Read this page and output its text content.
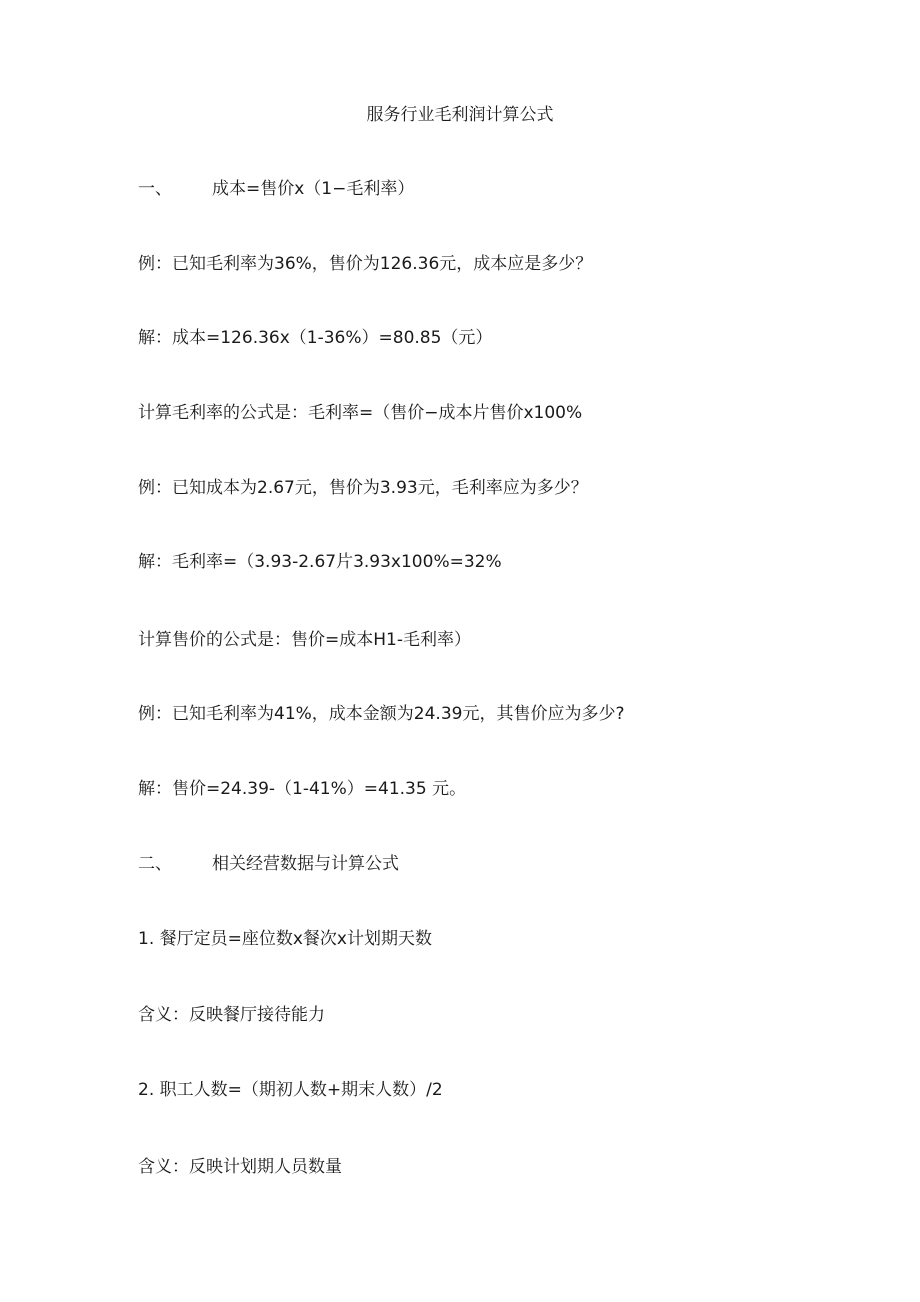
服务行业毛利润计算公式
一、 成本=售价x（1−毛利率）
例：已知毛利率为36%，售价为126.36元，成本应是多少？
解：成本=126.36x（1-36%）=80.85（元）
计算毛利率的公式是：毛利率=（售价−成本片售价x100%
例：已知成本为2.67元，售价为3.93元，毛利率应为多少？
解：毛利率=（3.93-2.67片3.93x100%=32%
计算售价的公式是：售价=成本H1-毛利率）
例：已知毛利率为41%，成本金额为24.39元，其售价应为多少?
解：售价=24.39-（1-41%）=41.35 元。
二、 相关经营数据与计算公式
1. 餐厅定员=座位数x餐次x计划期天数
含义：反映餐厅接待能力
2. 职工人数=（期初人数+期末人数）/2
含义：反映计划期人员数量
